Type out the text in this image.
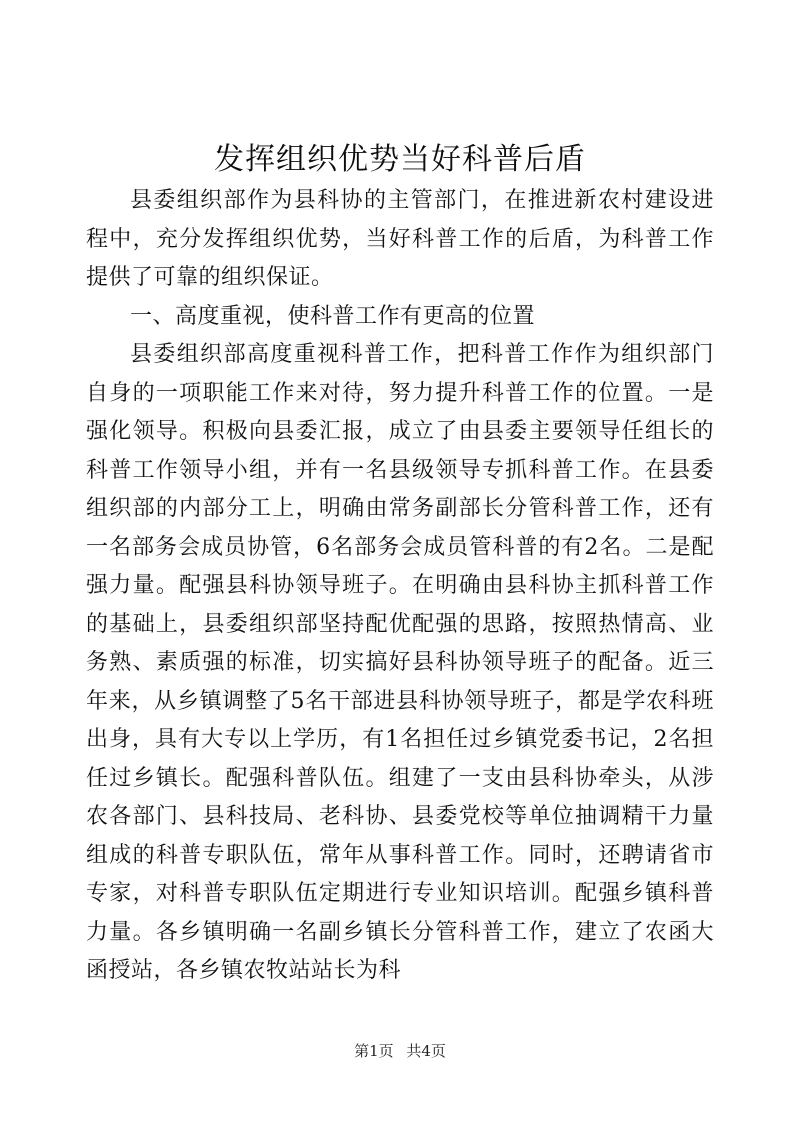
发挥组织优势当好科普后盾

县委组织部作为县科协的主管部门，在推进新农村建设进程中，充分发挥组织优势，当好科普工作的后盾，为科普工作提供了可靠的组织保证。

一、高度重视，使科普工作有更高的位置

县委组织部高度重视科普工作，把科普工作作为组织部门自身的一项职能工作来对待，努力提升科普工作的位置。一是强化领导。积极向县委汇报，成立了由县委主要领导任组长的科普工作领导小组，并有一名县级领导专抓科普工作。在县委组织部的内部分工上，明确由常务副部长分管科普工作，还有一名部务会成员协管，6名部务会成员管科普的有2名。二是配强力量。配强县科协领导班子。在明确由县科协主抓科普工作的基础上，县委组织部坚持配优配强的思路，按照热情高、业务熟、素质强的标准，切实搞好县科协领导班子的配备。近三年来，从乡镇调整了5名干部进县科协领导班子，都是学农科班出身，具有大专以上学历，有1名担任过乡镇党委书记，2名担任过乡镇长。配强科普队伍。组建了一支由县科协牵头，从涉农各部门、县科技局、老科协、县委党校等单位抽调精干力量组成的科普专职队伍，常年从事科普工作。同时，还聘请省市专家，对科普专职队伍定期进行专业知识培训。配强乡镇科普力量。各乡镇明确一名副乡镇长分管科普工作，建立了农函大函授站，各乡镇农牧站站长为科

第1页 共4页
